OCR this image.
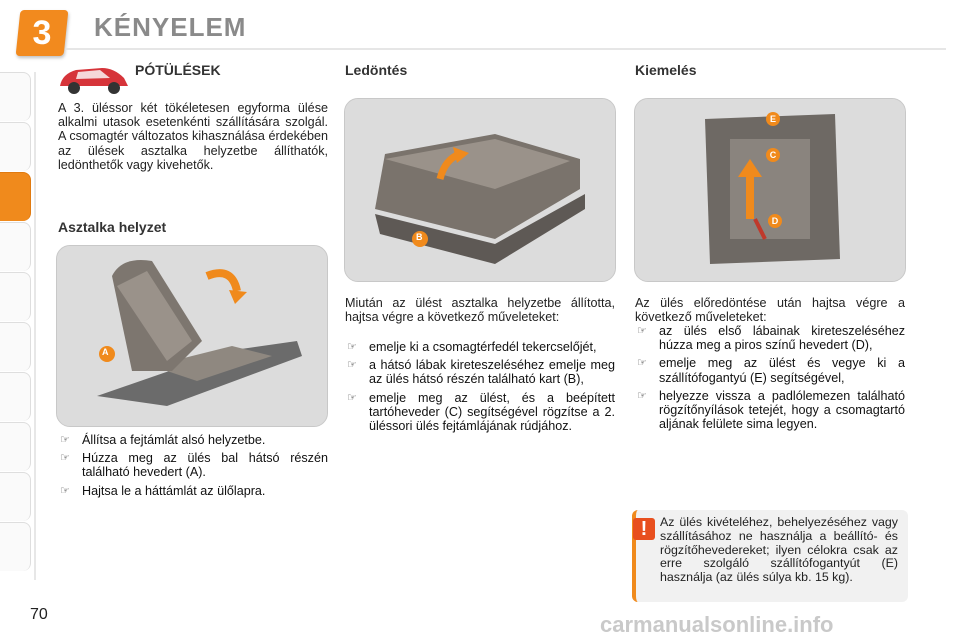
3	KÉNYELEM
PÓTÜLÉSEK
A 3. üléssor két tökéletesen egyforma ülése alkalmi utasok esetenkénti szállítására szolgál. A csomagtér változatos kihasználása érdekében az ülések asztalka helyzetbe állíthatók, ledönthetők vagy kivehetők.
Asztalka helyzet
A
☞ Állítsa a fejtámlát alsó helyzetbe.
☞ Húzza meg az ülés bal hátsó részén található hevedert (A).
☞ Hajtsa le a háttámlát az ülőlapra.
Ledöntés
B
Miután az ülést asztalka helyzetbe állította, hajtsa végre a következő műveleteket:
☞ emelje ki a csomagtérfedél tekercselőjét,
☞ a hátsó lábak kireteszeléséhez emelje meg az ülés hátsó részén található kart (B),
☞ emelje meg az ülést, és a beépített tartóheveder (C) segítségével rögzítse a 2. üléssori ülés fejtámlájának rúdjához.
Kiemelés
E
C
D
Az ülés előredöntése után hajtsa végre a következő műveleteket:
☞ az ülés első lábainak kireteszeléséhez húzza meg a piros színű hevedert (D),
☞ emelje meg az ülést és vegye ki a szállítófogantyú (E) segítségével,
☞ helyezze vissza a padlólemezen található rögzítőnyílások tetejét, hogy a csomagtartó aljának felülete sima legyen.
!	Az ülés kivételéhez, behelyezéséhez vagy szállításához ne használja a beállító- és rögzítőhevedereket; ilyen célokra csak az erre szolgáló szállítófogantyút (E) használja (az ülés súlya kb. 15 kg).
70	carmanualsonline.info
